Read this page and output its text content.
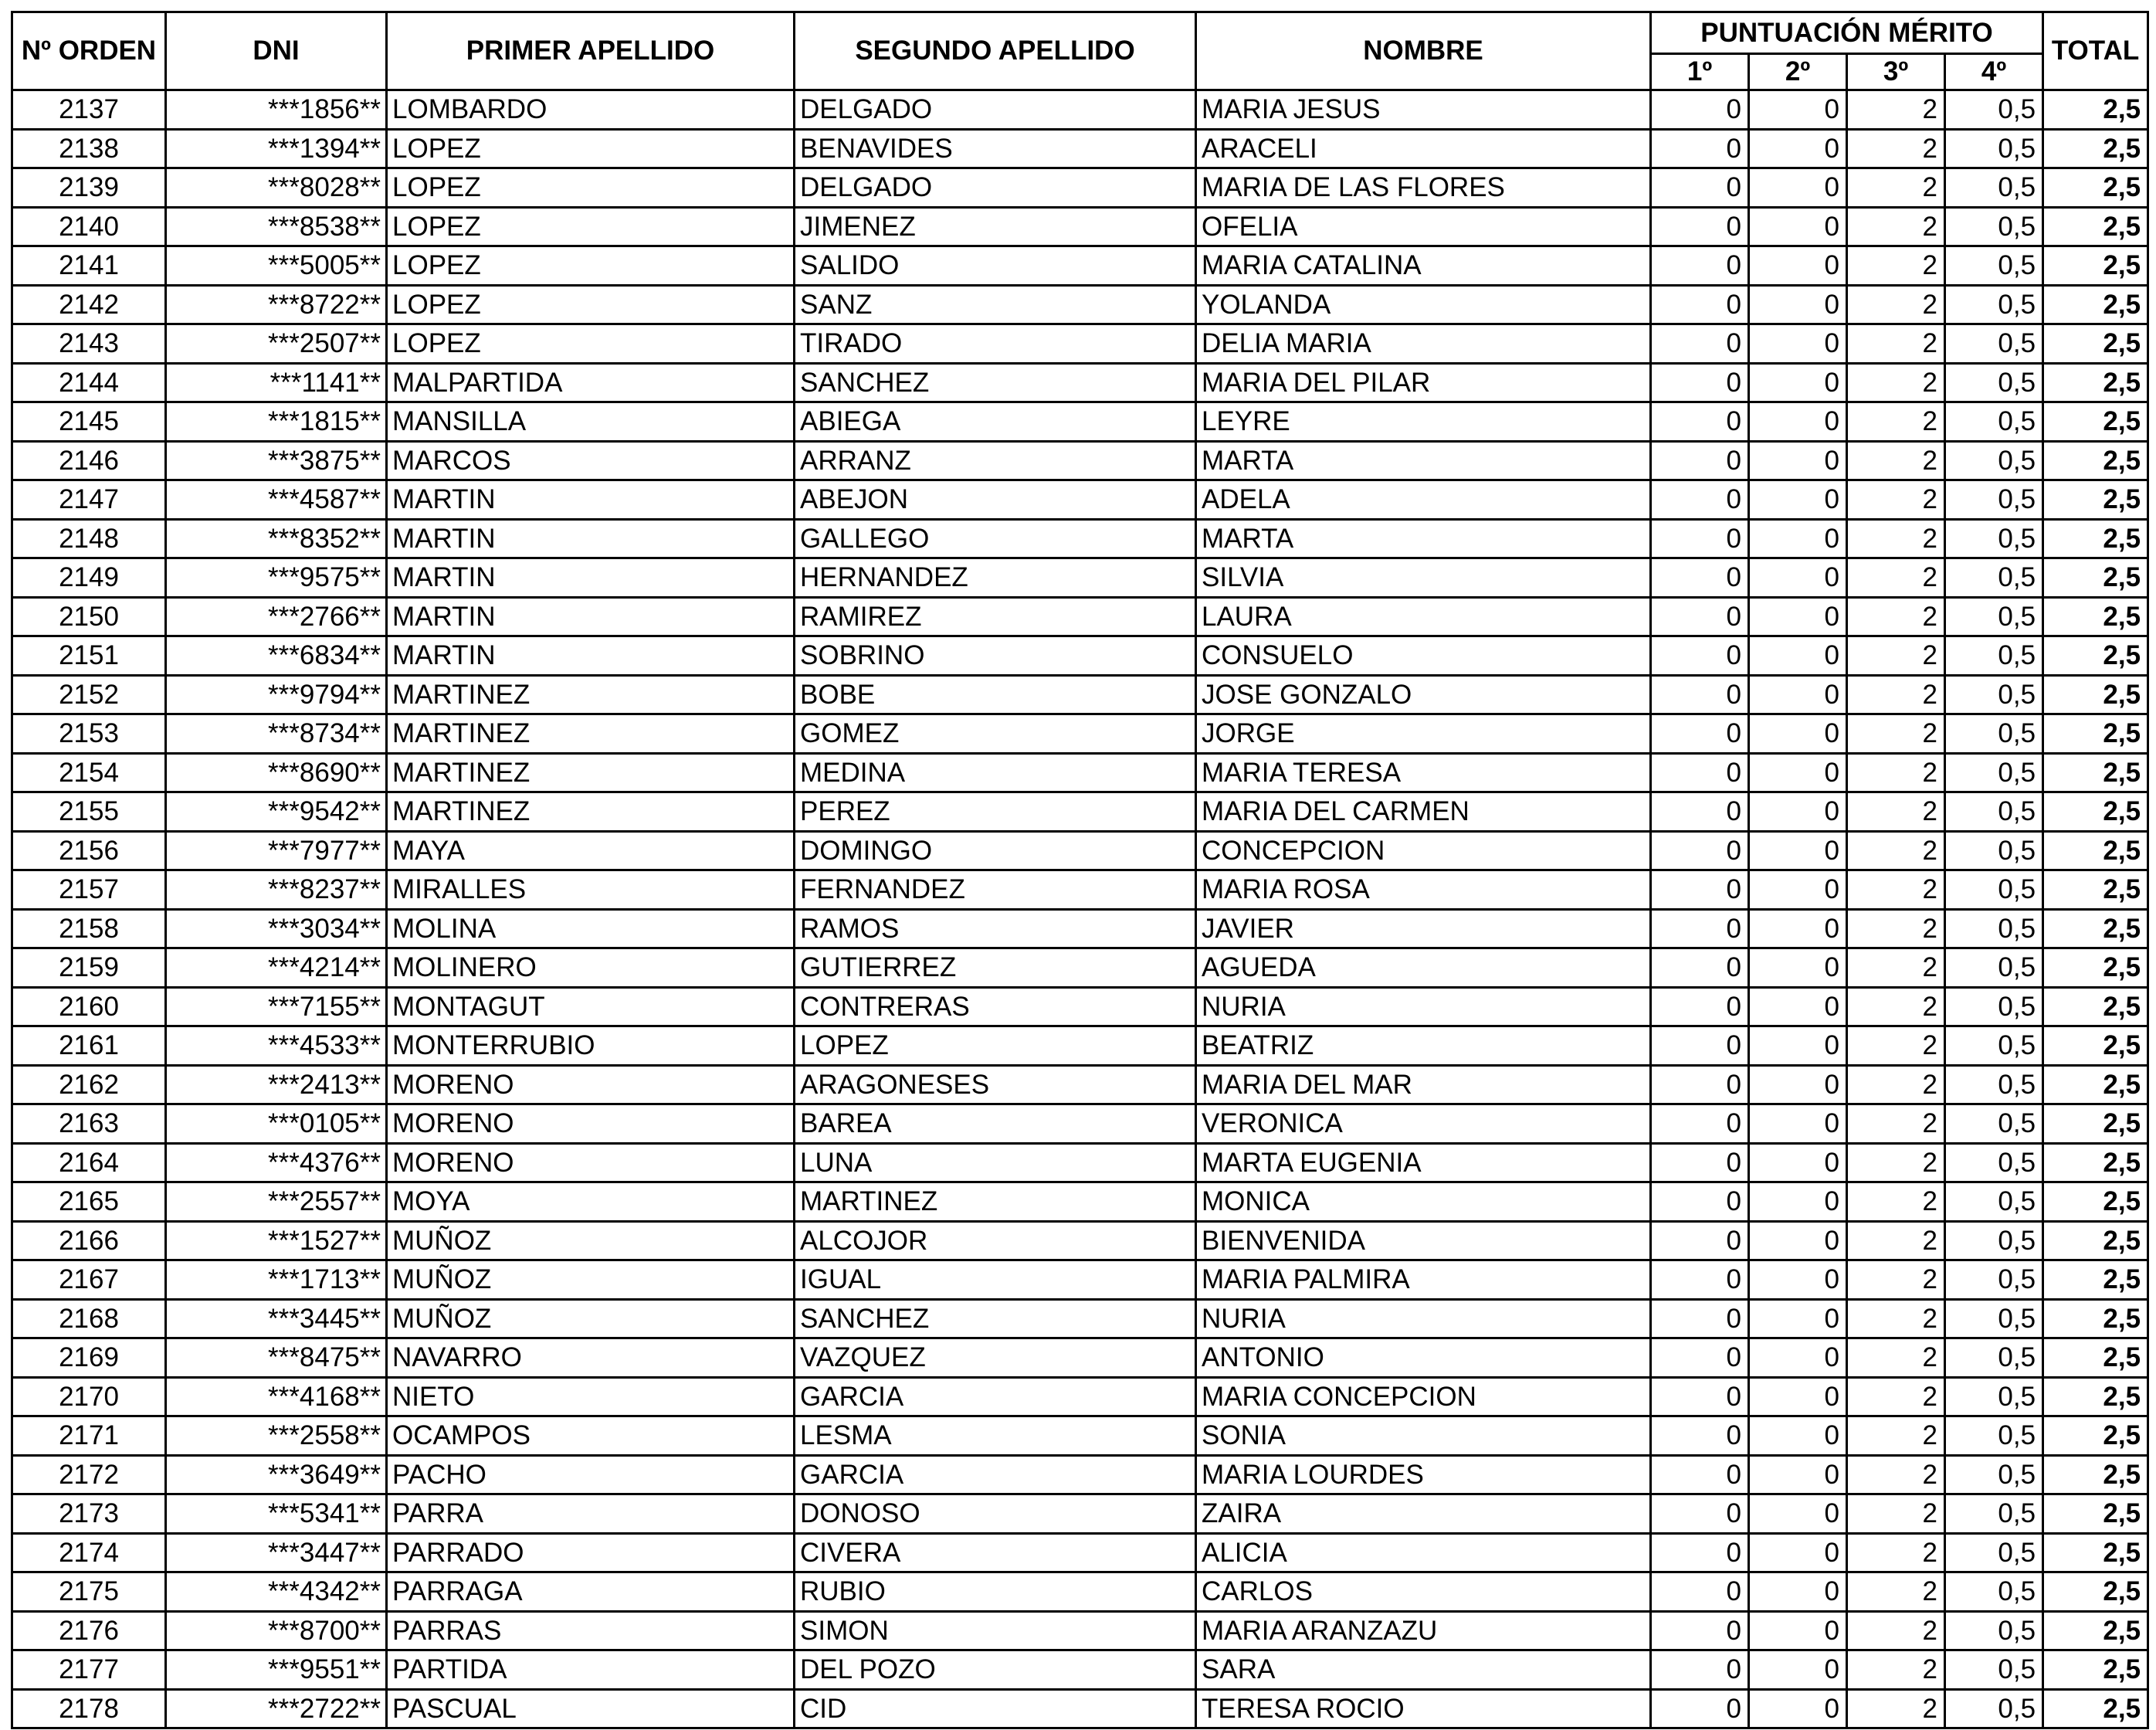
Nº ORDEN	DNI	PRIMER APELLIDO	SEGUNDO APELLIDO	NOMBRE	PUNTUACIÓN MÉRITO				TOTAL
					1º	2º	3º	4º	
2137	***1856**	LOMBARDO	DELGADO	MARIA JESUS	0	0	2	0,5	2,5
2138	***1394**	LOPEZ	BENAVIDES	ARACELI	0	0	2	0,5	2,5
2139	***8028**	LOPEZ	DELGADO	MARIA DE LAS FLORES	0	0	2	0,5	2,5
2140	***8538**	LOPEZ	JIMENEZ	OFELIA	0	0	2	0,5	2,5
2141	***5005**	LOPEZ	SALIDO	MARIA CATALINA	0	0	2	0,5	2,5
2142	***8722**	LOPEZ	SANZ	YOLANDA	0	0	2	0,5	2,5
2143	***2507**	LOPEZ	TIRADO	DELIA MARIA	0	0	2	0,5	2,5
2144	***1141**	MALPARTIDA	SANCHEZ	MARIA DEL PILAR	0	0	2	0,5	2,5
2145	***1815**	MANSILLA	ABIEGA	LEYRE	0	0	2	0,5	2,5
2146	***3875**	MARCOS	ARRANZ	MARTA	0	0	2	0,5	2,5
2147	***4587**	MARTIN	ABEJON	ADELA	0	0	2	0,5	2,5
2148	***8352**	MARTIN	GALLEGO	MARTA	0	0	2	0,5	2,5
2149	***9575**	MARTIN	HERNANDEZ	SILVIA	0	0	2	0,5	2,5
2150	***2766**	MARTIN	RAMIREZ	LAURA	0	0	2	0,5	2,5
2151	***6834**	MARTIN	SOBRINO	CONSUELO	0	0	2	0,5	2,5
2152	***9794**	MARTINEZ	BOBE	JOSE GONZALO	0	0	2	0,5	2,5
2153	***8734**	MARTINEZ	GOMEZ	JORGE	0	0	2	0,5	2,5
2154	***8690**	MARTINEZ	MEDINA	MARIA TERESA	0	0	2	0,5	2,5
2155	***9542**	MARTINEZ	PEREZ	MARIA DEL CARMEN	0	0	2	0,5	2,5
2156	***7977**	MAYA	DOMINGO	CONCEPCION	0	0	2	0,5	2,5
2157	***8237**	MIRALLES	FERNANDEZ	MARIA ROSA	0	0	2	0,5	2,5
2158	***3034**	MOLINA	RAMOS	JAVIER	0	0	2	0,5	2,5
2159	***4214**	MOLINERO	GUTIERREZ	AGUEDA	0	0	2	0,5	2,5
2160	***7155**	MONTAGUT	CONTRERAS	NURIA	0	0	2	0,5	2,5
2161	***4533**	MONTERRUBIO	LOPEZ	BEATRIZ	0	0	2	0,5	2,5
2162	***2413**	MORENO	ARAGONESES	MARIA DEL MAR	0	0	2	0,5	2,5
2163	***0105**	MORENO	BAREA	VERONICA	0	0	2	0,5	2,5
2164	***4376**	MORENO	LUNA	MARTA EUGENIA	0	0	2	0,5	2,5
2165	***2557**	MOYA	MARTINEZ	MONICA	0	0	2	0,5	2,5
2166	***1527**	MUÑOZ	ALCOJOR	BIENVENIDA	0	0	2	0,5	2,5
2167	***1713**	MUÑOZ	IGUAL	MARIA PALMIRA	0	0	2	0,5	2,5
2168	***3445**	MUÑOZ	SANCHEZ	NURIA	0	0	2	0,5	2,5
2169	***8475**	NAVARRO	VAZQUEZ	ANTONIO	0	0	2	0,5	2,5
2170	***4168**	NIETO	GARCIA	MARIA CONCEPCION	0	0	2	0,5	2,5
2171	***2558**	OCAMPOS	LESMA	SONIA	0	0	2	0,5	2,5
2172	***3649**	PACHO	GARCIA	MARIA LOURDES	0	0	2	0,5	2,5
2173	***5341**	PARRA	DONOSO	ZAIRA	0	0	2	0,5	2,5
2174	***3447**	PARRADO	CIVERA	ALICIA	0	0	2	0,5	2,5
2175	***4342**	PARRAGA	RUBIO	CARLOS	0	0	2	0,5	2,5
2176	***8700**	PARRAS	SIMON	MARIA ARANZAZU	0	0	2	0,5	2,5
2177	***9551**	PARTIDA	DEL POZO	SARA	0	0	2	0,5	2,5
2178	***2722**	PASCUAL	CID	TERESA ROCIO	0	0	2	0,5	2,5
